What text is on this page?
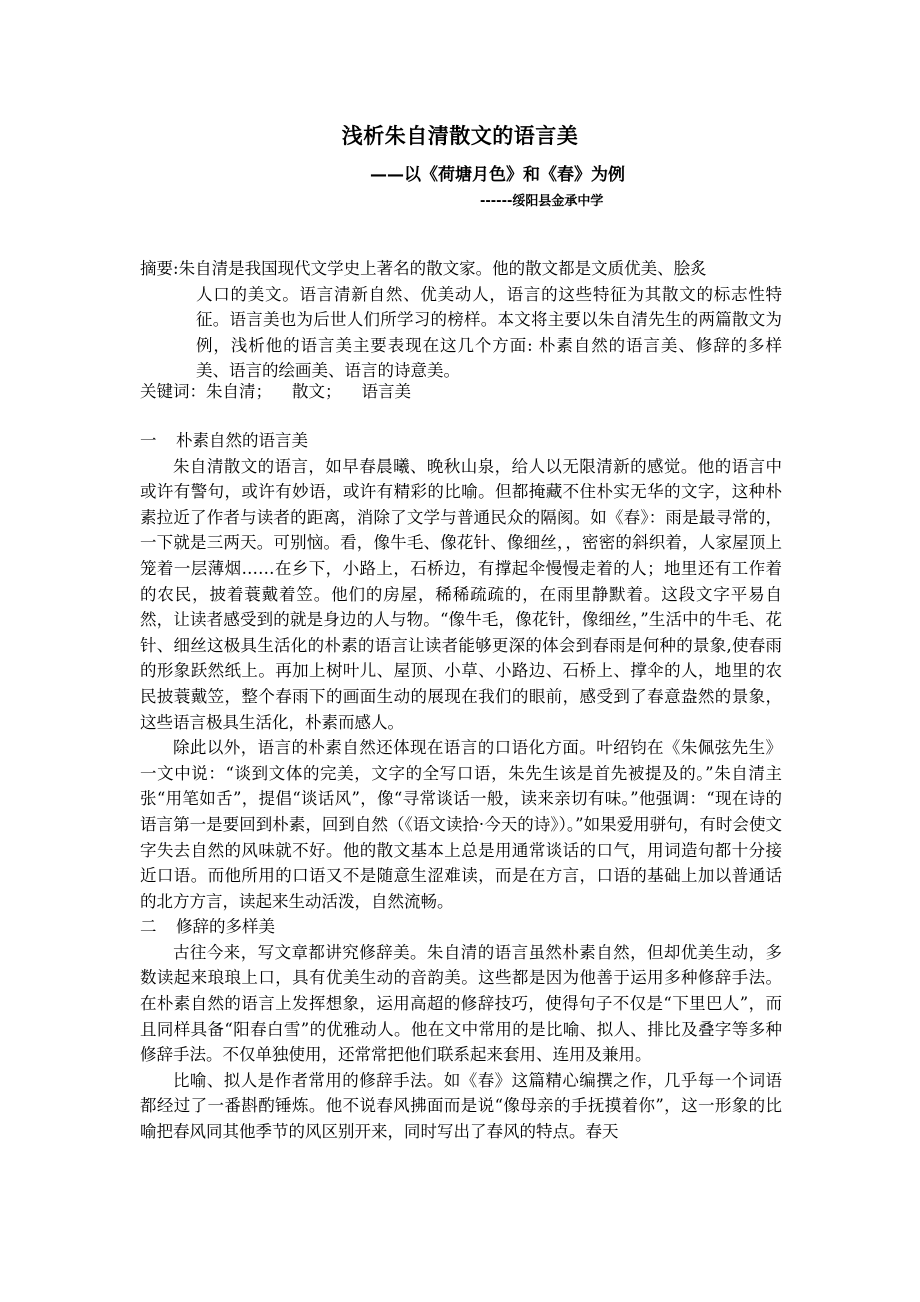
浅析朱自清散文的语言美
——以《荷塘月色》和《春》为例
------绥阳县金承中学
摘要: 朱自清是我国现代文学史上著名的散文家。他的散文都是文质优美、脍炙
人口的美文。语言清新自然、优美动人，语言的这些特征为其散文的标志性特征。语言美也为后世人们所学习的榜样。本文将主要以朱自清先生的两篇散文为例，浅析他的语言美主要表现在这几个方面: 朴素自然的语言美、修辞的多样美、语言的绘画美、语言的诗意美。
关键词：朱自清； 散文； 语言美
一 朴素自然的语言美

朱自清散文的语言，如早春晨曦、晚秋山泉，给人以无限清新的感觉。他的语言中或许有警句，或许有妙语，或许有精彩的比喻。但都掩藏不住朴实无华的文字，这种朴素拉近了作者与读者的距离，消除了文学与普通民众的隔阂。如《春》：雨是最寻常的，一下就是三两天。可别恼。看，像牛毛、像花针、像细丝，，密密的斜织着，人家屋顶上笼着一层薄烟……在乡下，小路上，石桥边，有撑起伞慢慢走着的人；地里还有工作着的农民，披着蓑戴着笠。他们的房屋，稀稀疏疏的，在雨里静默着。这段文字平易自然，让读者感受到的就是身边的人与物。“像牛毛，像花针，像细丝，”生活中的牛毛、花针、细丝这极具生活化的朴素的语言让读者能够更深的体会到春雨是何种的景象,使春雨的形象跃然纸上。再加上树叶儿、屋顶、小草、小路边、石桥上、撑伞的人，地里的农民披蓑戴笠，整个春雨下的画面生动的展现在我们的眼前，感受到了春意盎然的景象，这些语言极具生活化，朴素而感人。

除此以外，语言的朴素自然还体现在语言的口语化方面。叶绍钧在《朱佩弦先生》一文中说：“谈到文体的完美，文字的全写口语，朱先生该是首先被提及的。”朱自清主张“用笔如舌”，提倡“谈话风”，像“寻常谈话一般，读来亲切有味。”他强调：“现在诗的语言第一是要回到朴素，回到自然（《语文读拾·今天的诗》）。”如果爱用骈句，有时会使文字失去自然的风味就不好。他的散文基本上总是用通常谈话的口气，用词造句都十分接近口语。而他所用的口语又不是随意生涩难读，而是在方言，口语的基础上加以普通话的北方方言，读起来生动活泼，自然流畅。

二 修辞的多样美

古往今来，写文章都讲究修辞美。朱自清的语言虽然朴素自然，但却优美生动，多数读起来琅琅上口，具有优美生动的音韵美。这些都是因为他善于运用多种修辞手法。在朴素自然的语言上发挥想象，运用高超的修辞技巧，使得句子不仅是“下里巴人”，而且同样具备“阳春白雪”的优雅动人。他在文中常用的是比喻、拟人、排比及叠字等多种修辞手法。不仅单独使用，还常常把他们联系起来套用、连用及兼用。

比喻、拟人是作者常用的修辞手法。如《春》这篇精心编撰之作，几乎每一个词语都经过了一番斟酌锤炼。他不说春风拂面而是说“像母亲的手抚摸着你”，这一形象的比喻把春风同其他季节的风区别开来，同时写出了春风的特点。春天
